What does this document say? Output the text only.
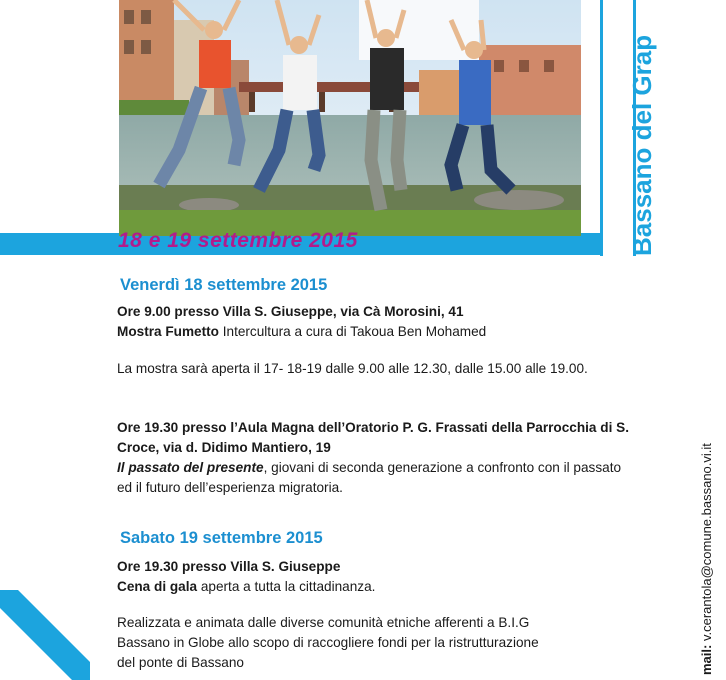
18 e 19 settembre 2015	Bassano del Grap
Venerdì 18 settembre 2015
Ore 9.00 presso Villa S. Giuseppe, via Cà Morosini, 41
Mostra Fumetto Intercultura a cura di Takoua Ben Mohamed
La mostra sarà aperta il 17- 18-19 dalle 9.00 alle 12.30, dalle 15.00 alle 19.00.
Ore 19.30 presso l’Aula Magna dell’Oratorio P. G. Frassati della Parrocchia di S. Croce, via d. Didimo Mantiero, 19
Il passato del presente, giovani di seconda generazione a confronto con il passato ed il futuro dell’esperienza migratoria.
Sabato 19 settembre 2015
Ore 19.30 presso Villa S. Giuseppe
Cena di gala aperta a tutta la cittadinanza.
Realizzata e animata dalle diverse comunità etniche afferenti a B.I.G Bassano in Globe allo scopo di raccogliere fondi per la ristrutturazione del ponte di Bassano	mail: v.cerantola@comune.bassano.vi.it
